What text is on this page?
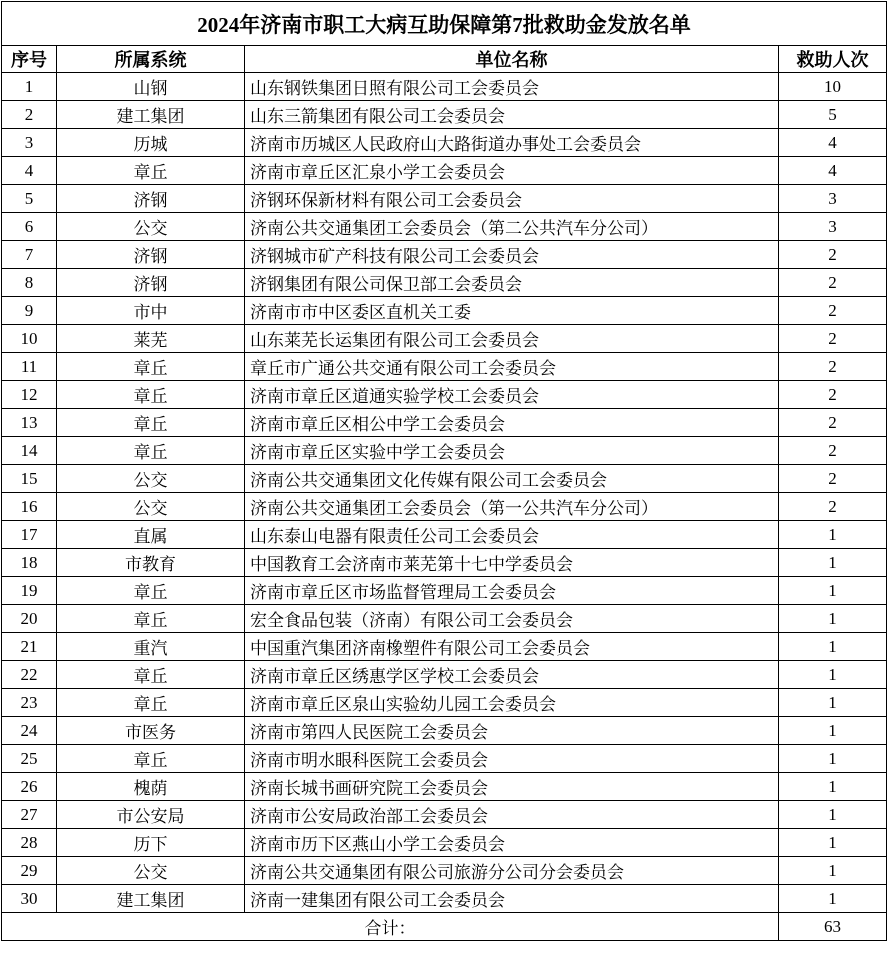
2024年济南市职工大病互助保障第7批救助金发放名单			
序号	所属系统	单位名称	救助人次
1	山钢	山东钢铁集团日照有限公司工会委员会	10
2	建工集团	山东三箭集团有限公司工会委员会	5
3	历城	济南市历城区人民政府山大路街道办事处工会委员会	4
4	章丘	济南市章丘区汇泉小学工会委员会	4
5	济钢	济钢环保新材料有限公司工会委员会	3
6	公交	济南公共交通集团工会委员会（第二公共汽车分公司）	3
7	济钢	济钢城市矿产科技有限公司工会委员会	2
8	济钢	济钢集团有限公司保卫部工会委员会	2
9	市中	济南市市中区委区直机关工委	2
10	莱芜	山东莱芜长运集团有限公司工会委员会	2
11	章丘	章丘市广通公共交通有限公司工会委员会	2
12	章丘	济南市章丘区道通实验学校工会委员会	2
13	章丘	济南市章丘区相公中学工会委员会	2
14	章丘	济南市章丘区实验中学工会委员会	2
15	公交	济南公共交通集团文化传媒有限公司工会委员会	2
16	公交	济南公共交通集团工会委员会（第一公共汽车分公司）	2
17	直属	山东泰山电器有限责任公司工会委员会	1
18	市教育	中国教育工会济南市莱芜第十七中学委员会	1
19	章丘	济南市章丘区市场监督管理局工会委员会	1
20	章丘	宏全食品包装（济南）有限公司工会委员会	1
21	重汽	中国重汽集团济南橡塑件有限公司工会委员会	1
22	章丘	济南市章丘区绣惠学区学校工会委员会	1
23	章丘	济南市章丘区泉山实验幼儿园工会委员会	1
24	市医务	济南市第四人民医院工会委员会	1
25	章丘	济南市明水眼科医院工会委员会	1
26	槐荫	济南长城书画研究院工会委员会	1
27	市公安局	济南市公安局政治部工会委员会	1
28	历下	济南市历下区燕山小学工会委员会	1
29	公交	济南公共交通集团有限公司旅游分公司分会委员会	1
30	建工集团	济南一建集团有限公司工会委员会	1
合计：			63
